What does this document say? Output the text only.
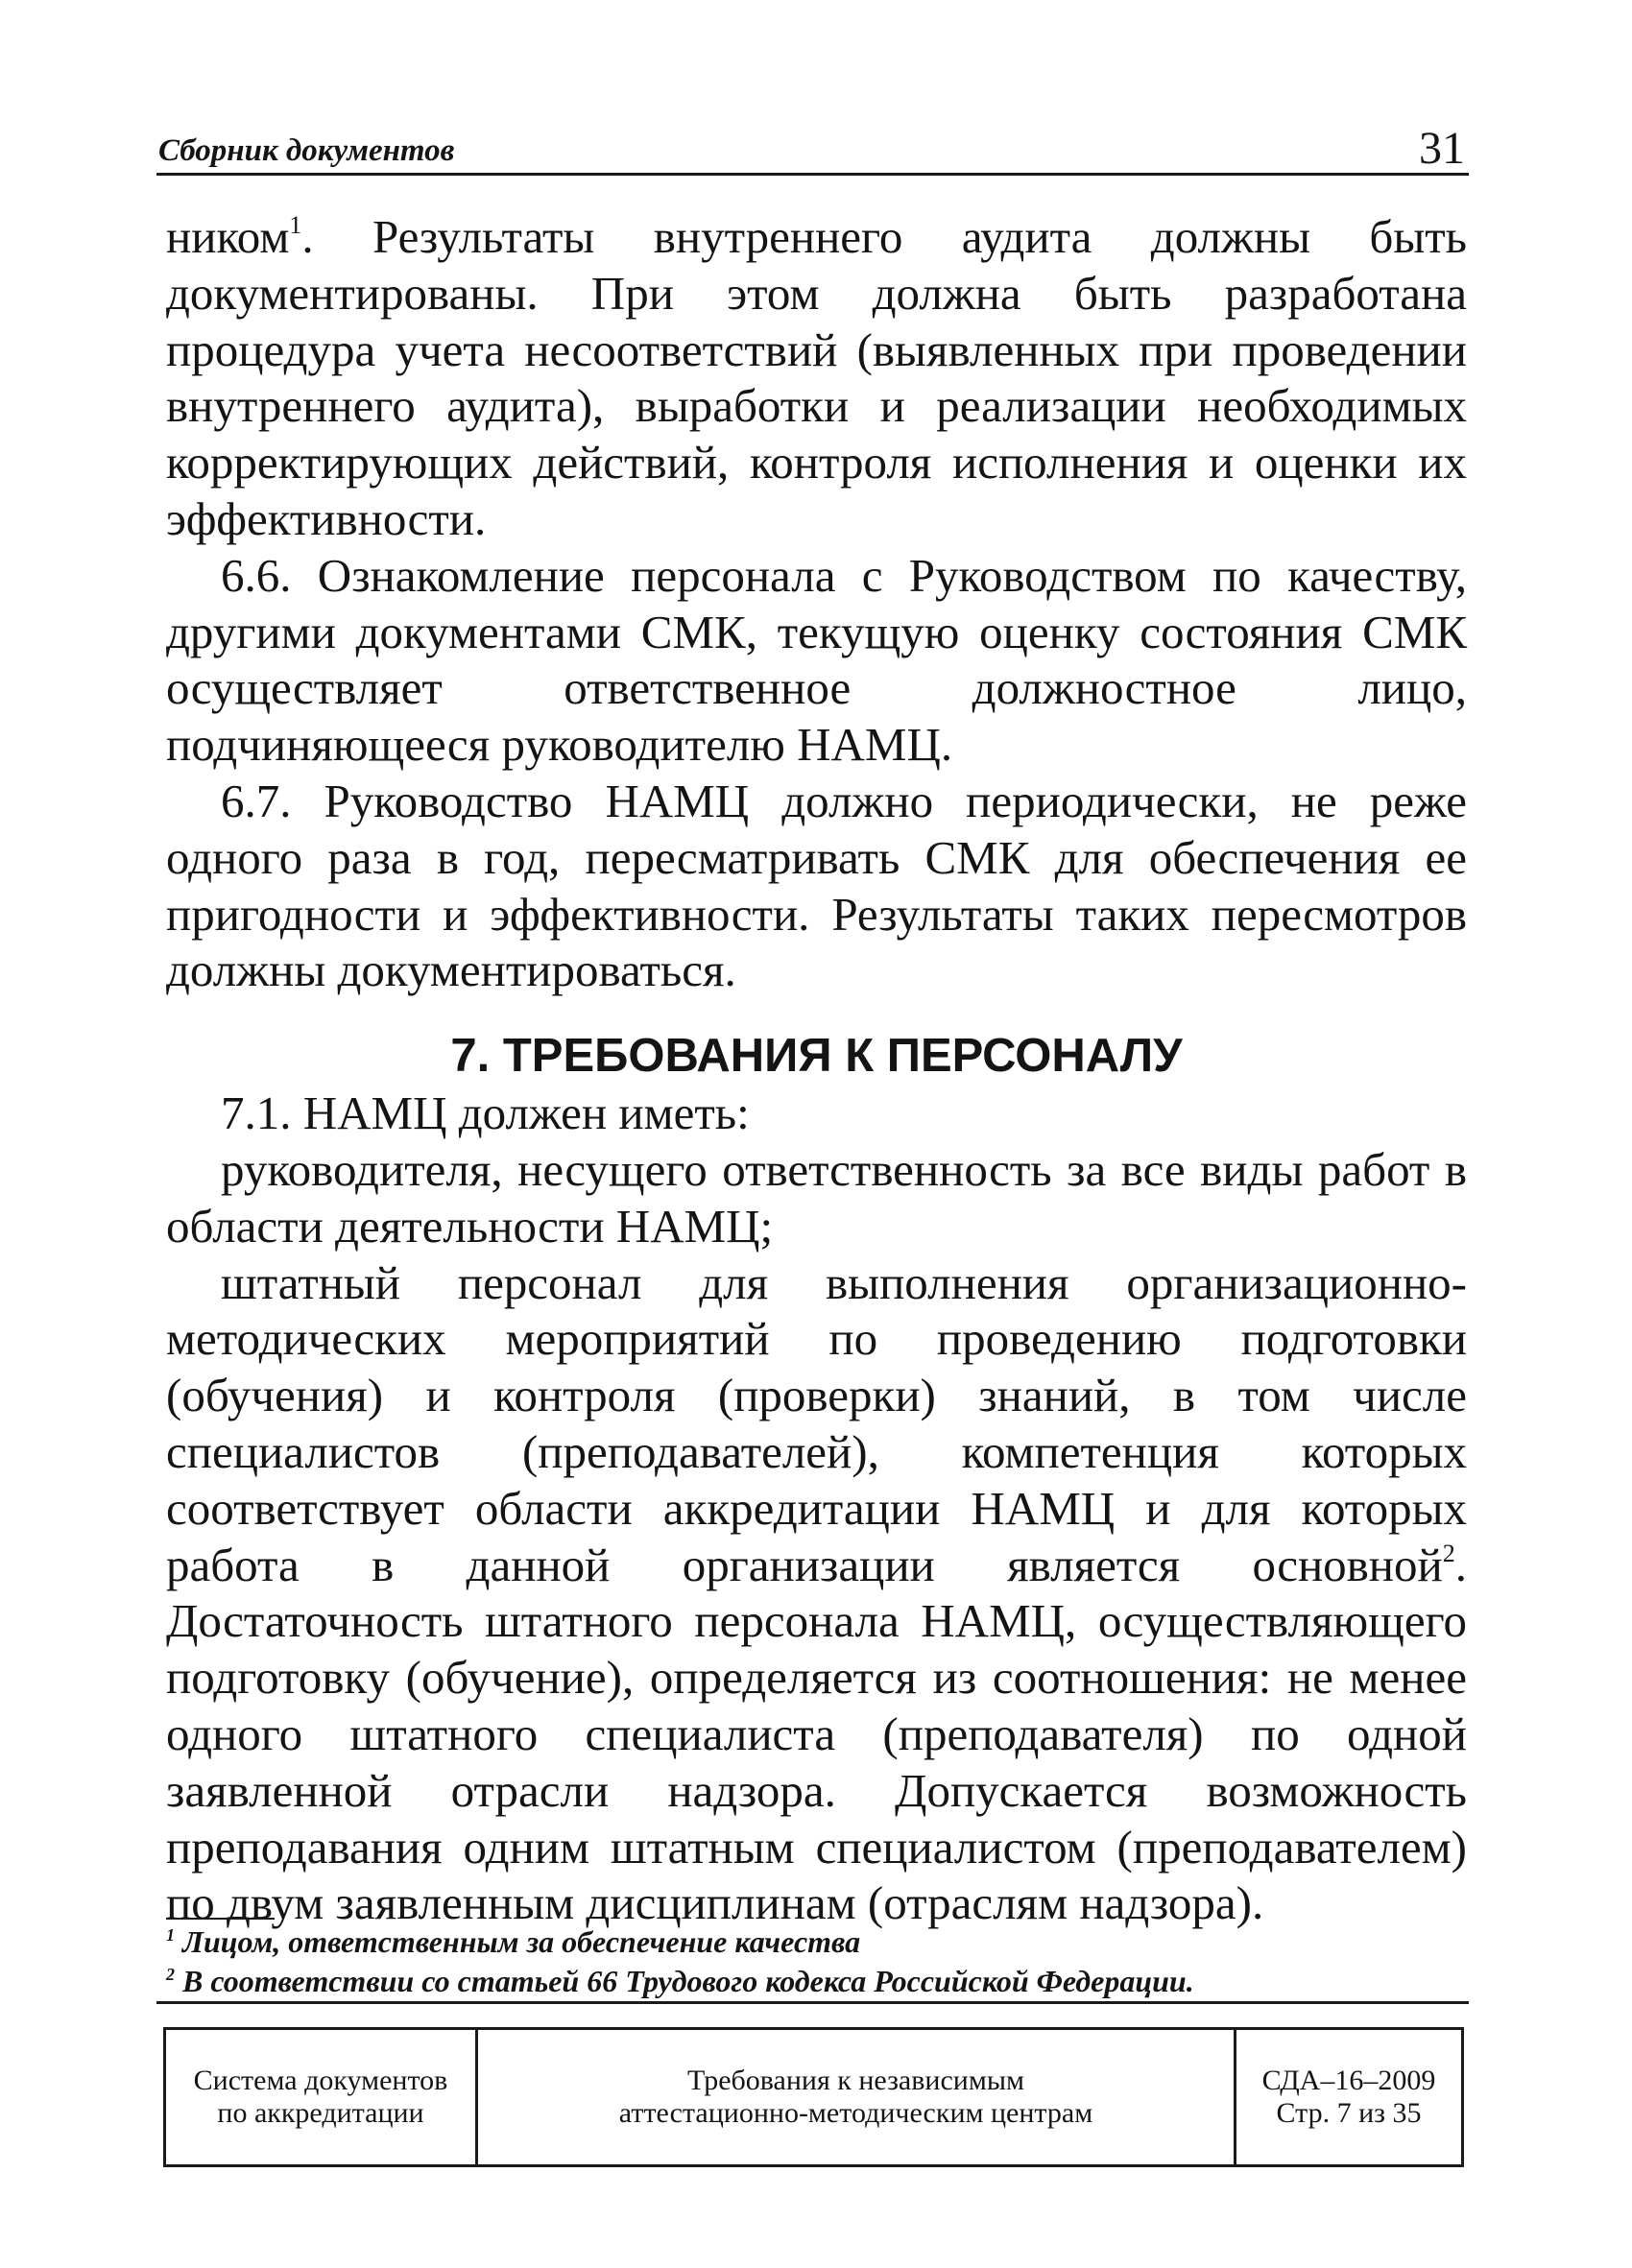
Сборник документов	31

ником$^1$. Результаты внутреннего аудита должны быть документированы. При этом должна быть разработана процедура учета несоответствий (выявленных при проведении внутреннего аудита), выработки и реализации необходимых корректирующих действий, контроля исполнения и оценки их эффективности.

6.6. Ознакомление персонала с Руководством по качеству, другими документами СМК, текущую оценку состояния СМК осуществляет ответственное должностное лицо, подчиняющееся руководителю НАМЦ.

6.7. Руководство НАМЦ должно периодически, не реже одного раза в год, пересматривать СМК для обеспечения ее пригодности и эффективности. Результаты таких пересмотров должны документироваться.

7. ТРЕБОВАНИЯ К ПЕРСОНАЛУ

7.1. НАМЦ должен иметь:

руководителя, несущего ответственность за все виды работ в области деятельности НАМЦ;

штатный персонал для выполнения организационно-методических мероприятий по проведению подготовки (обучения) и контроля (проверки) знаний, в том числе специалистов (преподавателей), компетенция которых соответствует области аккредитации НАМЦ и для которых работа в данной организации является основной$^2$. Достаточность штатного персонала НАМЦ, осуществляющего подготовку (обучение), определяется из соотношения: не менее одного штатного специалиста (преподавателя) по одной заявленной отрасли надзора. Допускается возможность преподавания одним штатным специалистом (преподавателем) по двум заявленным дисциплинам (отраслям надзора).

$^1$ Лицом, ответственным за обеспечение качества

$^2$ В соответствии со статьей 66 Трудового кодекса Российской Федерации.

Система документов
по аккредитации
Требования к независимым
аттестационно-методическим центрам
СДА–16–2009
Стр. 7 из 35
